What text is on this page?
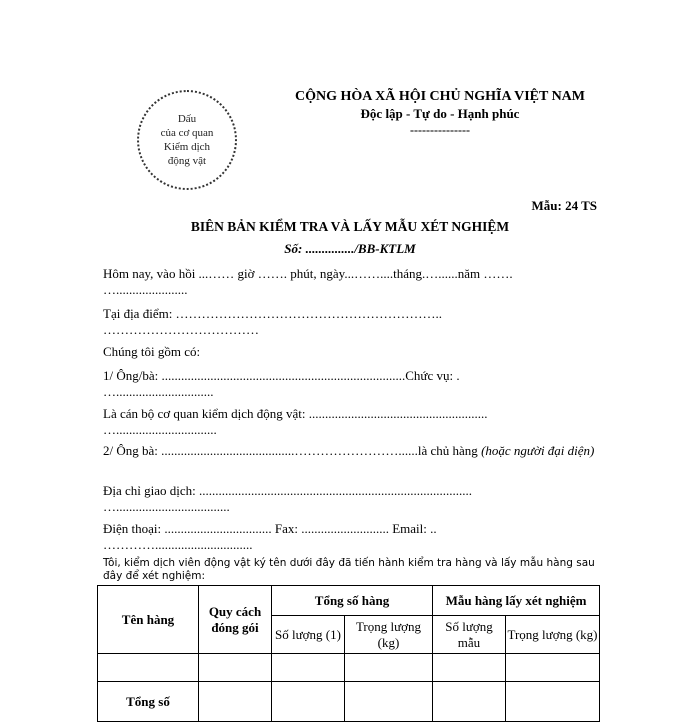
Dấu
của cơ quan
Kiểm dịch
động vật
CỘNG HÒA XÃ HỘI CHỦ NGHĨA VIỆT NAM
Độc lập - Tự do - Hạnh phúc
---------------
Mẫu: 24 TS
BIÊN BẢN KIỂM TRA VÀ LẤY MẪU XÉT NGHIỆM
Số: .............../BB-KTLM
Hôm nay, vào hồi ...…… giờ ……. phút, ngày...……....tháng.…......năm …….
…......................
Tại địa điểm: ……………………………………………………..
………………………………
Chúng tôi gồm có:
1/ Ông/bà: ...........................................................................Chức vụ: .
…..............................
Là cán bộ cơ quan kiểm dịch động vật: .......................................................
…...............................
2/ Ông bà: .........................................……………………......là chủ hàng (hoặc người đại diện)
Địa chỉ giao dịch: ....................................................................................
…...................................
Điện thoại: ................................. Fax: ........................... Email: ..
…………..............................
Tôi, kiểm dịch viên động vật ký tên dưới đây đã tiến hành kiểm tra hàng và lấy mẫu hàng sau đây để xét nghiệm:
Tên hàng	Quy cách đóng gói	Tổng số hàng		Mẫu hàng lấy xét nghiệm	
		Số lượng (1)	Trọng lượng (kg)	Số lượng mẫu	Trọng lượng (kg)

Tổng số					
